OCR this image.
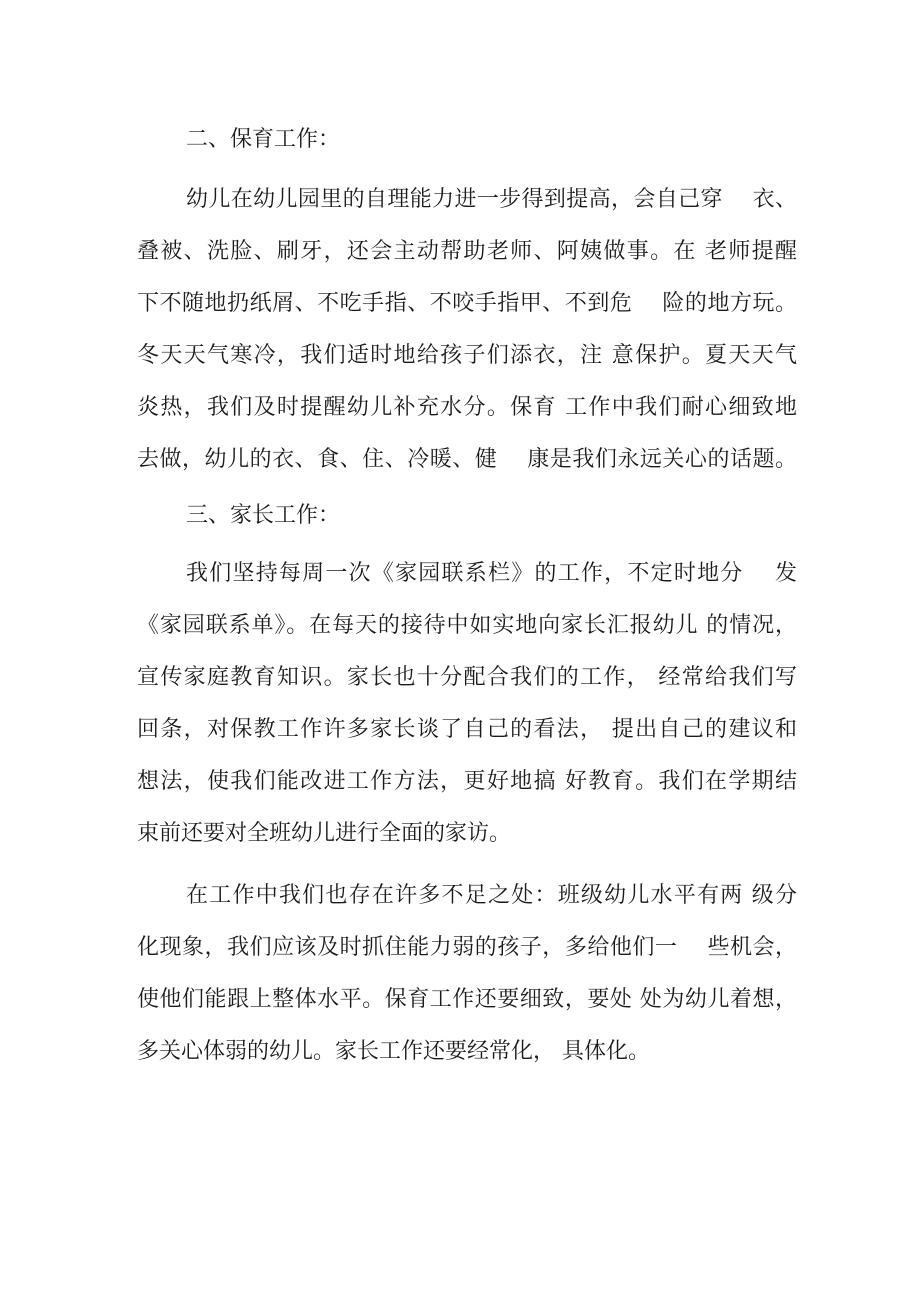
二、保育工作：
幼儿在幼儿园里的自理能力进一步得到提高，会自己穿　 衣、
叠被、洗脸、刷牙，还会主动帮助老师、阿姨做事。在 老师提醒
下不随地扔纸屑、不吃手指、不咬手指甲、不到危　 险的地方玩。
冬天天气寒冷，我们适时地给孩子们添衣，注 意保护。夏天天气
炎热，我们及时提醒幼儿补充水分。保育 工作中我们耐心细致地
去做，幼儿的衣、食、住、冷暖、健　 康是我们永远关心的话题。
三、家长工作：
我们坚持每周一次《家园联系栏》的工作，不定时地分　 发
《家园联系单》。在每天的接待中如实地向家长汇报幼儿 的情况，
宣传家庭教育知识。家长也十分配合我们的工作， 经常给我们写
回条，对保教工作许多家长谈了自己的看法， 提出自己的建议和
想法，使我们能改进工作方法，更好地搞 好教育。我们在学期结
束前还要对全班幼儿进行全面的家访。
在工作中我们也存在许多不足之处：班级幼儿水平有两 级分
化现象，我们应该及时抓住能力弱的孩子，多给他们一　 些机会，
使他们能跟上整体水平。保育工作还要细致，要处 处为幼儿着想，
多关心体弱的幼儿。家长工作还要经常化， 具体化。
